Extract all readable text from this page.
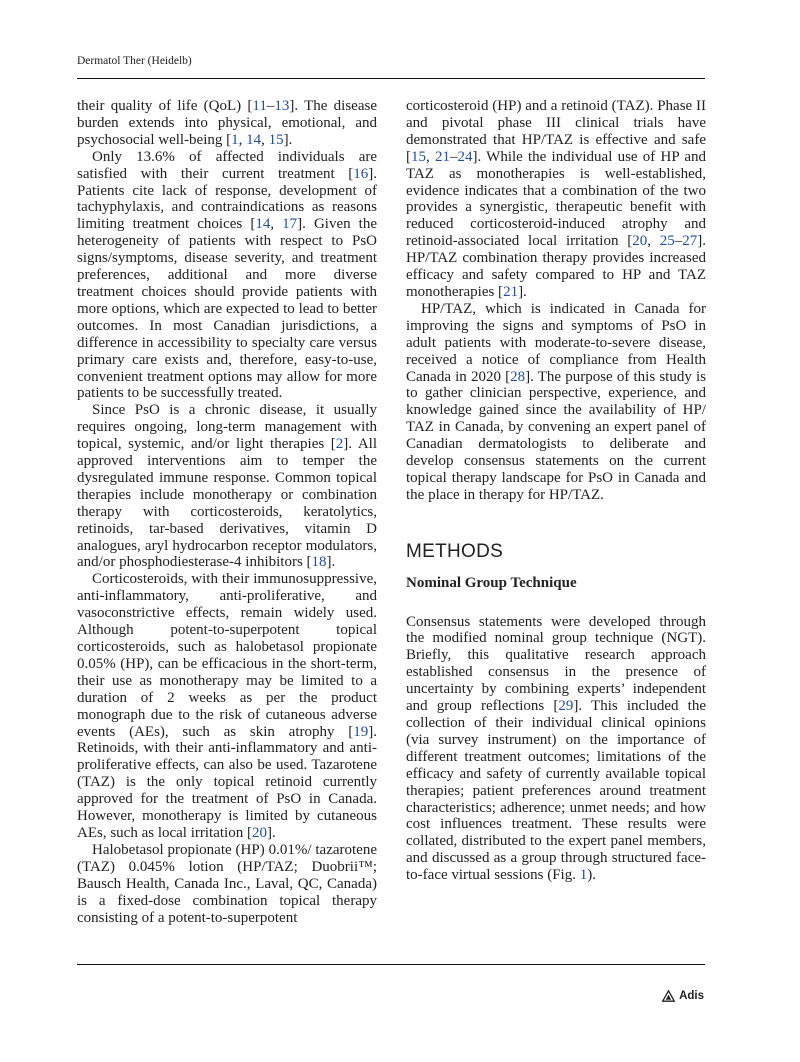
Dermatol Ther (Heidelb)

their quality of life (QoL) [11–13]. The disease burden extends into physical, emotional, and psychosocial well-being [1, 14, 15].

Only 13.6% of affected individuals are satisfied with their current treatment [16]. Patients cite lack of response, development of tachyphylaxis, and contraindications as reasons limiting treatment choices [14, 17]. Given the heterogeneity of patients with respect to PsO signs/symptoms, disease severity, and treatment preferences, additional and more diverse treatment choices should provide patients with more options, which are expected to lead to better outcomes. In most Canadian jurisdictions, a difference in accessibility to specialty care versus primary care exists and, therefore, easy-to-use, convenient treatment options may allow for more patients to be successfully treated.

Since PsO is a chronic disease, it usually requires ongoing, long-term management with topical, systemic, and/or light therapies [2]. All approved interventions aim to temper the dysregulated immune response. Common topical therapies include monotherapy or combination therapy with corticosteroids, keratolytics, retinoids, tar-based derivatives, vitamin D analogues, aryl hydrocarbon receptor modulators, and/or phosphodiesterase-4 inhibitors [18].

Corticosteroids, with their immunosuppressive, anti-inflammatory, anti-proliferative, and vasoconstrictive effects, remain widely used. Although potent-to-superpotent topical corticosteroids, such as halobetasol propionate 0.05% (HP), can be efficacious in the short-term, their use as monotherapy may be limited to a duration of 2 weeks as per the product monograph due to the risk of cutaneous adverse events (AEs), such as skin atrophy [19]. Retinoids, with their anti-inflammatory and anti-proliferative effects, can also be used. Tazarotene (TAZ) is the only topical retinoid currently approved for the treatment of PsO in Canada. However, monotherapy is limited by cutaneous AEs, such as local irritation [20].

Halobetasol propionate (HP) 0.01%/ tazarotene (TAZ) 0.045% lotion (HP/TAZ; Duobrii™; Bausch Health, Canada Inc., Laval, QC, Canada) is a fixed-dose combination topical therapy consisting of a potent-to-superpotent

corticosteroid (HP) and a retinoid (TAZ). Phase II and pivotal phase III clinical trials have demonstrated that HP/TAZ is effective and safe [15, 21–24]. While the individual use of HP and TAZ as monotherapies is well-established, evidence indicates that a combination of the two provides a synergistic, therapeutic benefit with reduced corticosteroid-induced atrophy and retinoid-associated local irritation [20, 25–27]. HP/TAZ combination therapy provides increased efficacy and safety compared to HP and TAZ monotherapies [21].

HP/TAZ, which is indicated in Canada for improving the signs and symptoms of PsO in adult patients with moderate-to-severe disease, received a notice of compliance from Health Canada in 2020 [28]. The purpose of this study is to gather clinician perspective, experience, and knowledge gained since the availability of HP/ TAZ in Canada, by convening an expert panel of Canadian dermatologists to deliberate and develop consensus statements on the current topical therapy landscape for PsO in Canada and the place in therapy for HP/TAZ.

METHODS
Nominal Group Technique

Consensus statements were developed through the modified nominal group technique (NGT). Briefly, this qualitative research approach established consensus in the presence of uncertainty by combining experts’ independent and group reflections [29]. This included the collection of their individual clinical opinions (via survey instrument) on the importance of different treatment outcomes; limitations of the efficacy and safety of currently available topical therapies; patient preferences around treatment characteristics; adherence; unmet needs; and how cost influences treatment. These results were collated, distributed to the expert panel members, and discussed as a group through structured face-to-face virtual sessions (Fig. 1).

Adis
